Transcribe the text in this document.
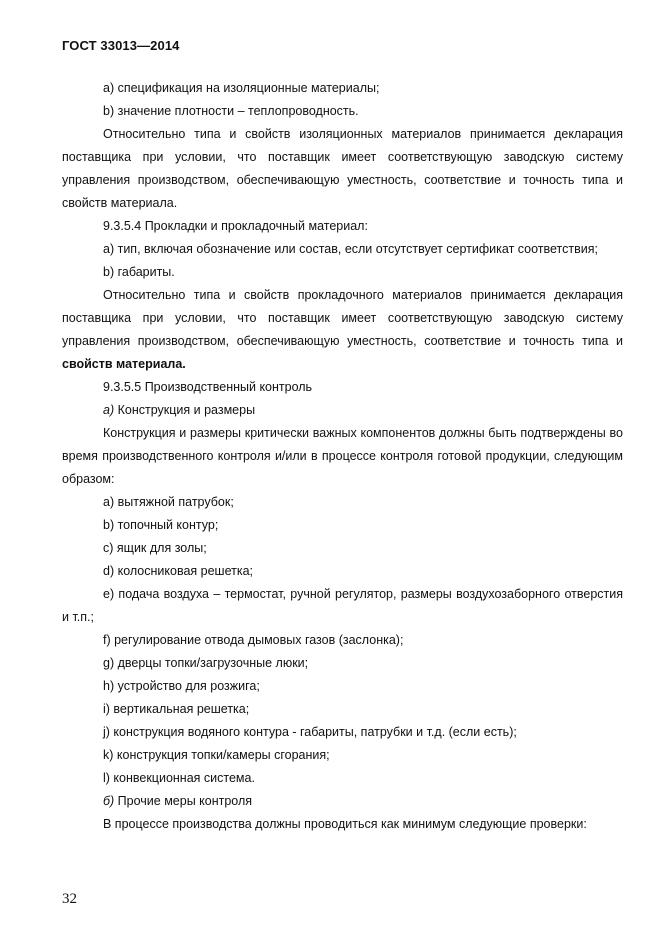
ГОСТ 33013—2014

а) спецификация на изоляционные материалы;

b) значение плотности – теплопроводность.

Относительно типа и свойств изоляционных материалов принимается декларация поставщика при условии, что поставщик имеет соответствующую заводскую систему управления производством, обеспечивающую уместность, соответствие и точность типа и свойств материала.

9.3.5.4 Прокладки и прокладочный материал:

а) тип, включая обозначение или состав, если отсутствует сертификат соответствия;

b) габариты.

Относительно типа и свойств прокладочного материалов принимается декларация поставщика при условии, что поставщик имеет соответствующую заводскую систему управления производством, обеспечивающую уместность, соответствие и точность типа и свойств материала.

9.3.5.5 Производственный контроль

а) Конструкция и размеры

Конструкция и размеры критически важных компонентов должны быть подтверждены во время производственного контроля и/или в процессе контроля готовой продукции, следующим образом:

а) вытяжной патрубок;

b) топочный контур;

c) ящик для золы;

d) колосниковая решетка;

e) подача воздуха – термостат, ручной регулятор, размеры воздухозаборного отверстия и т.п.;

f) регулирование отвода дымовых газов (заслонка);

g) дверцы топки/загрузочные люки;

h) устройство для розжига;

i) вертикальная решетка;

j) конструкция водяного контура - габариты, патрубки и т.д. (если есть);

k) конструкция топки/камеры сгорания;

l) конвекционная система.

б) Прочие меры контроля

В процессе производства должны проводиться как минимум следующие проверки:

32
